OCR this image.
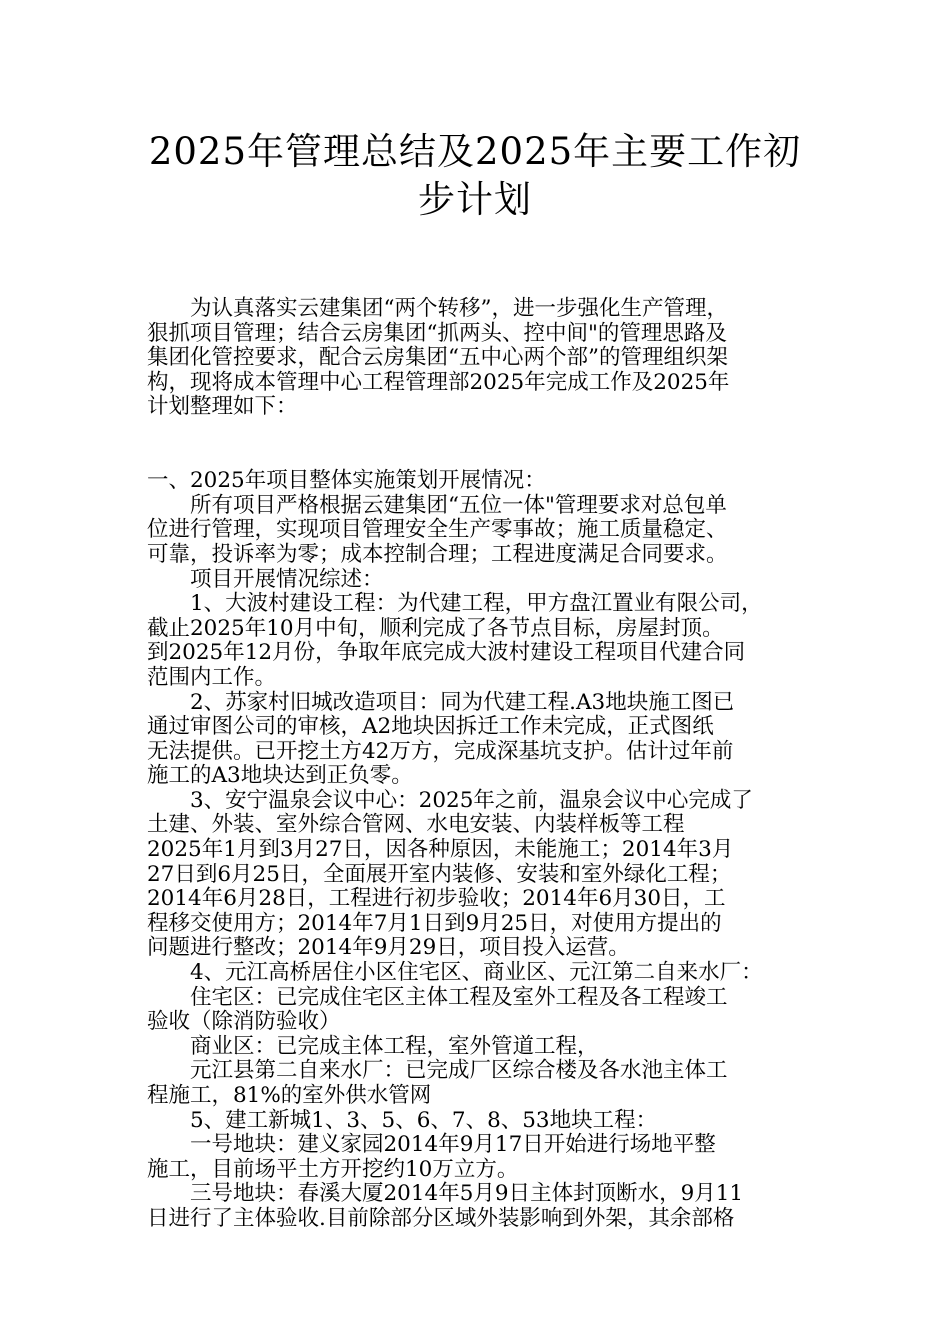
2025年管理总结及2025年主要工作初
步计划

　　为认真落实云建集团“两个转移”，进一步强化生产管理，

狠抓项目管理；结合云房集团“抓两头、控中间"的管理思路及

集团化管控要求，配合云房集团“五中心两个部”的管理组织架

构，现将成本管理中心工程管理部2025年完成工作及2025年

计划整理如下：

一、2025年项目整体实施策划开展情况：

　　所有项目严格根据云建集团“五位一体"管理要求对总包单

位进行管理，实现项目管理安全生产零事故；施工质量稳定、

可靠，投诉率为零；成本控制合理；工程进度满足合同要求。

　　项目开展情况综述：

　　1、大波村建设工程：为代建工程，甲方盘江置业有限公司，

截止2025年10月中旬，顺利完成了各节点目标，房屋封顶。

到2025年12月份，争取年底完成大波村建设工程项目代建合同

范围内工作。

　　2、苏家村旧城改造项目：同为代建工程.A3地块施工图已

通过审图公司的审核，A2地块因拆迁工作未完成，正式图纸

无法提供。已开挖土方42万方，完成深基坑支护。估计过年前

施工的A3地块达到正负零。

　　3、安宁温泉会议中心：2025年之前，温泉会议中心完成了

土建、外装、室外综合管网、水电安装、内装样板等工程

2025年1月到3月27日，因各种原因，未能施工；2014年3月

27日到6月25日，全面展开室内装修、安装和室外绿化工程；

2014年6月28日，工程进行初步验收；2014年6月30日，工

程移交使用方；2014年7月1日到9月25日，对使用方提出的

问题进行整改；2014年9月29日，项目投入运营。

　　4、元江高桥居住小区住宅区、商业区、元江第二自来水厂：

　　住宅区：已完成住宅区主体工程及室外工程及各工程竣工

验收（除消防验收）

　　商业区：已完成主体工程，室外管道工程，

　　元江县第二自来水厂：已完成厂区综合楼及各水池主体工

程施工，81%的室外供水管网

　　5、建工新城1、3、5、6、7、8、53地块工程：

　　一号地块：建义家园2014年9月17日开始进行场地平整

施工，目前场平土方开挖约10万立方。

　　三号地块：春溪大厦2014年5月9日主体封顶断水，9月11

日进行了主体验收.目前除部分区域外装影响到外架，其余部格
